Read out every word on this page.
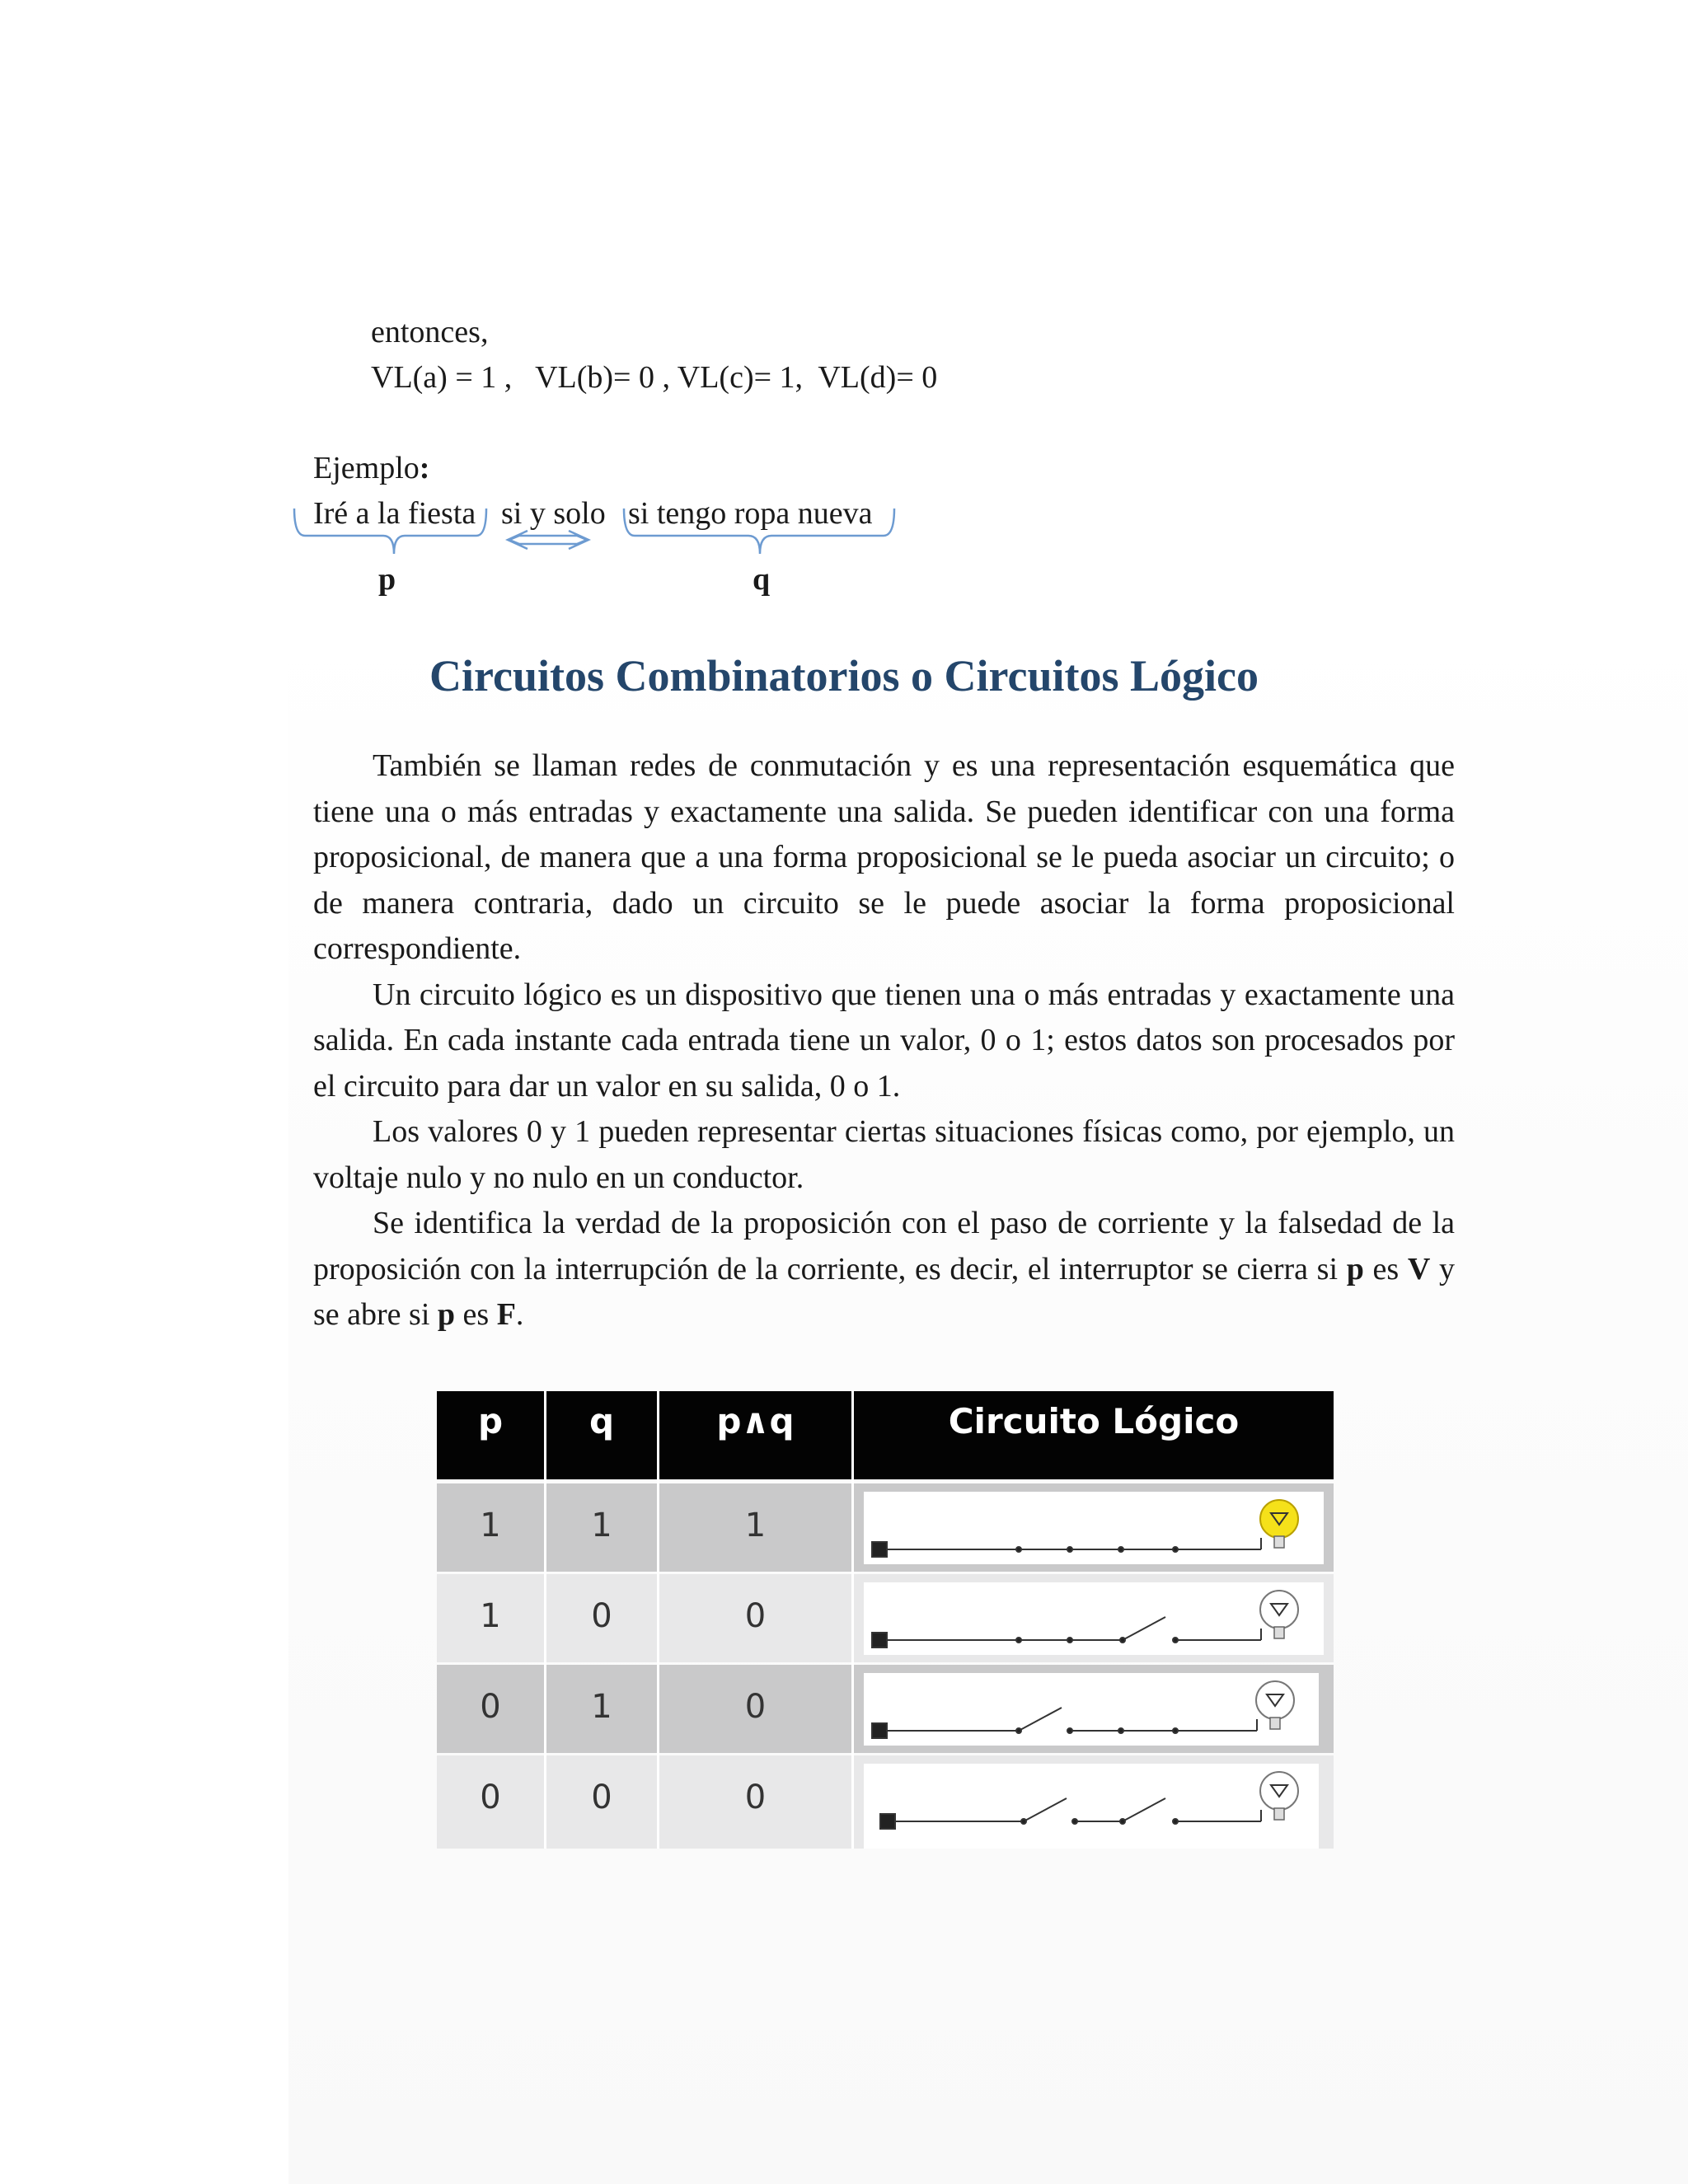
entonces,
VL(a) = 1 ,   VL(b)= 0 , VL(c)= 1,  VL(d)= 0
Ejemplo:
Iré a la fiesta si y solo si tengo ropa nueva
p	q
Circuitos Combinatorios o Circuitos Lógico

También se llaman redes de conmutación y es una representación esquemática que tiene una o más entradas y exactamente una salida. Se pueden identificar con una forma proposicional, de manera que a una forma proposicional se le pueda asociar un circuito; o de manera contraria, dado un circuito se le puede asociar la forma proposicional correspondiente.

Un circuito lógico es un dispositivo que tienen una o más entradas y exactamente una salida. En cada instante cada entrada tiene un valor, 0 o 1; estos datos son procesados por el circuito para dar un valor en su salida, 0 o 1.

Los valores 0 y 1 pueden representar ciertas situaciones físicas como, por ejemplo, un voltaje nulo y no nulo en un conductor.

Se identifica la verdad de la proposición con el paso de corriente y la falsedad de la proposición con la interrupción de la corriente, es decir, el interruptor se cierra si p es V y se abre si p es F.

p	q	p∧q	Circuito Lógico
1	1	1
1	0	0
0	1	0
0	0	0
